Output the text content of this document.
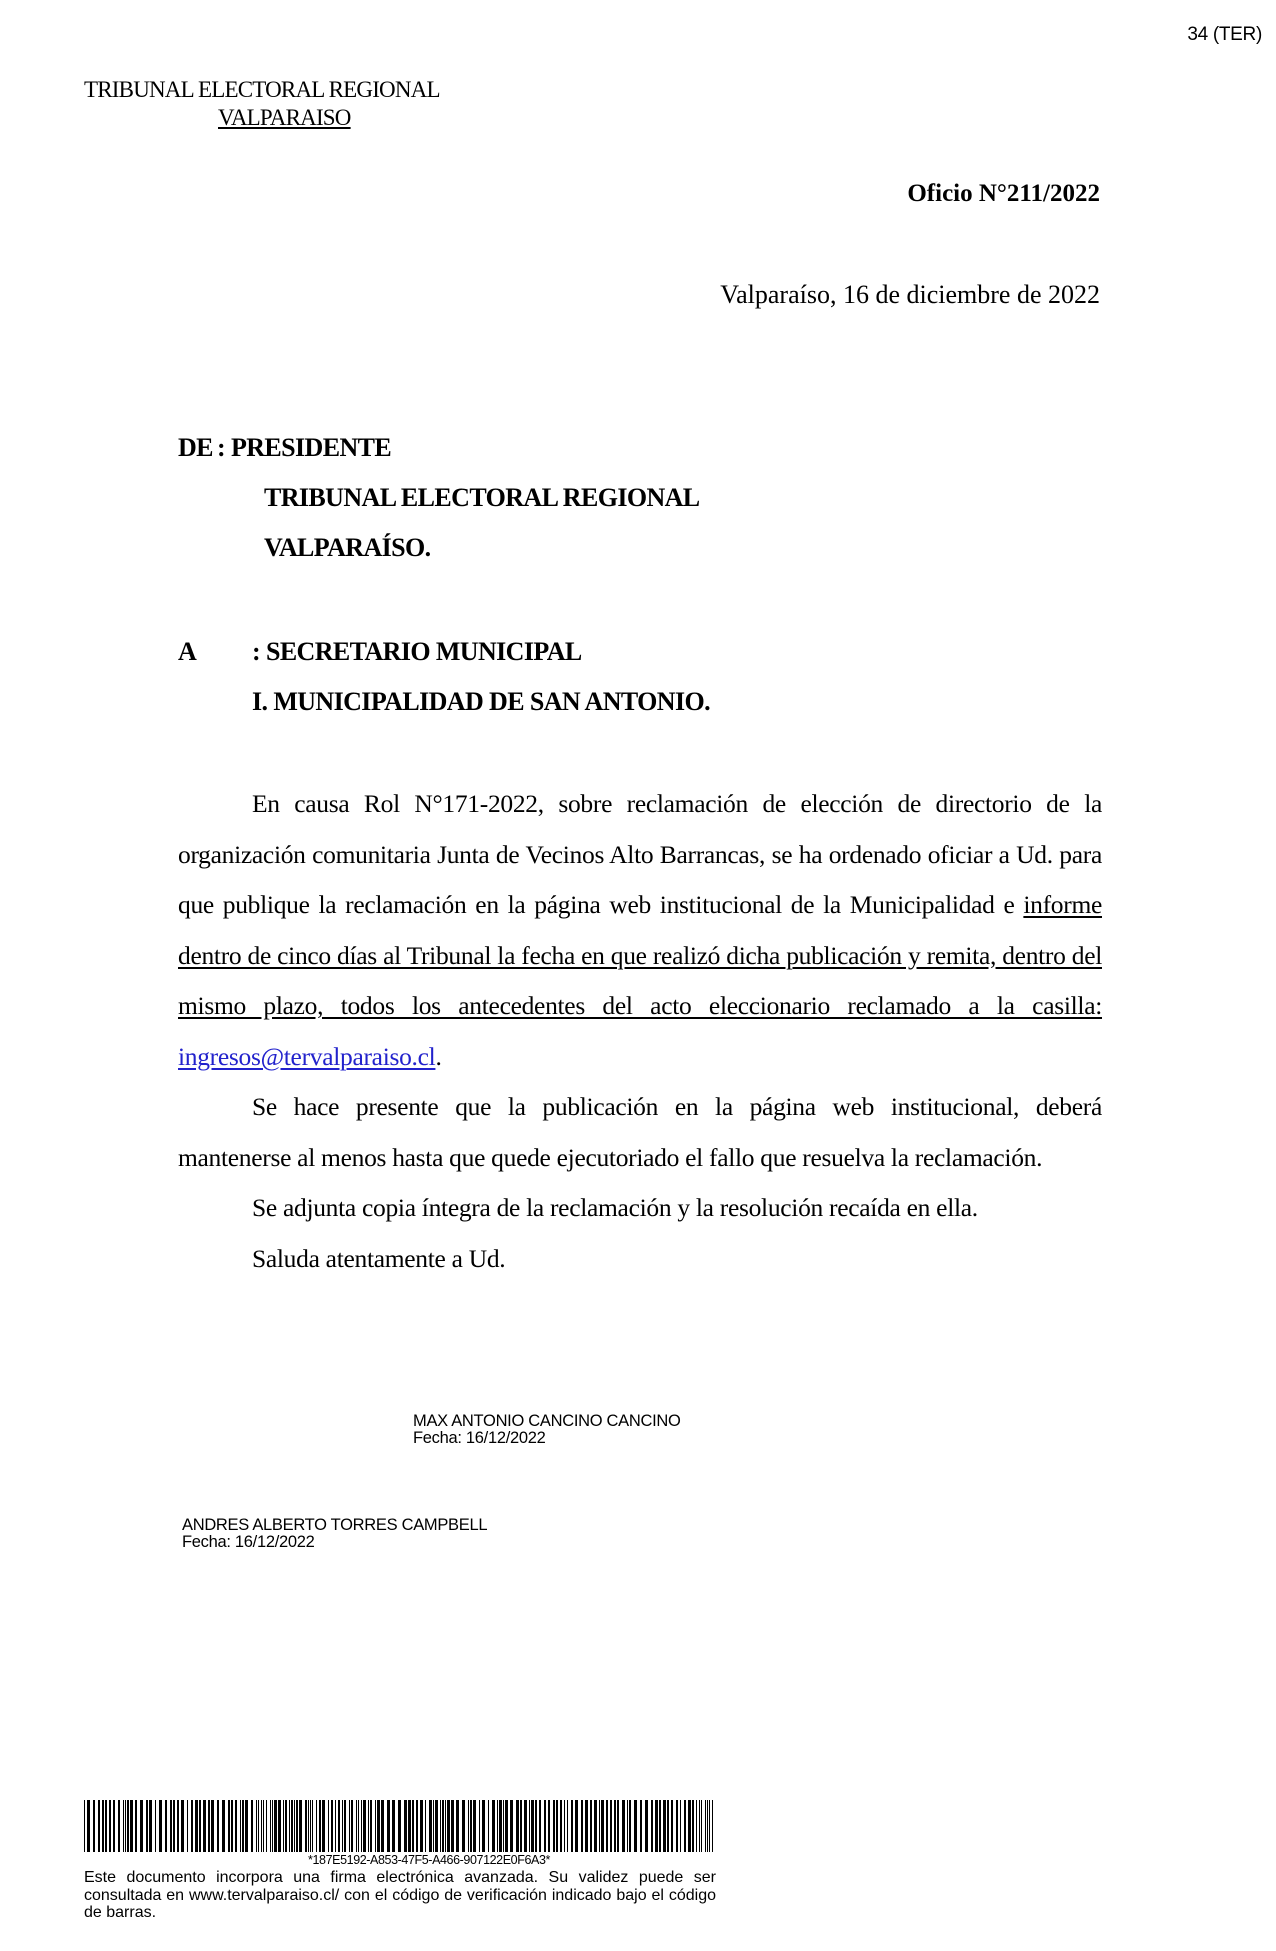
34 (TER)
TRIBUNAL ELECTORAL REGIONAL
VALPARAISO
Oficio N°211/2022
Valparaíso, 16 de diciembre de 2022
DE : PRESIDENTE
TRIBUNAL ELECTORAL REGIONAL
VALPARAÍSO.
A : SECRETARIO MUNICIPAL
I. MUNICIPALIDAD DE SAN ANTONIO.

En causa Rol N°171-2022, sobre reclamación de elección de directorio de la organización comunitaria Junta de Vecinos Alto Barrancas, se ha ordenado oficiar a Ud. para que publique la reclamación en la página web institucional de la Municipalidad e informe dentro de cinco días al Tribunal la fecha en que realizó dicha publicación y remita, dentro del mismo plazo, todos los antecedentes del acto eleccionario reclamado a la casilla: ingresos@tervalparaiso.cl.

Se hace presente que la publicación en la página web institucional, deberá mantenerse al menos hasta que quede ejecutoriado el fallo que resuelva la reclamación.

Se adjunta copia íntegra de la reclamación y la resolución recaída en ella.

Saluda atentamente a Ud.

MAX ANTONIO CANCINO CANCINO
Fecha: 16/12/2022
ANDRES ALBERTO TORRES CAMPBELL
Fecha: 16/12/2022
*187E5192-A853-47F5-A466-907122E0F6A3*
Este documento incorpora una firma electrónica avanzada. Su validez puede ser consultada en www.tervalparaiso.cl/ con el código de verificación indicado bajo el código de barras.
